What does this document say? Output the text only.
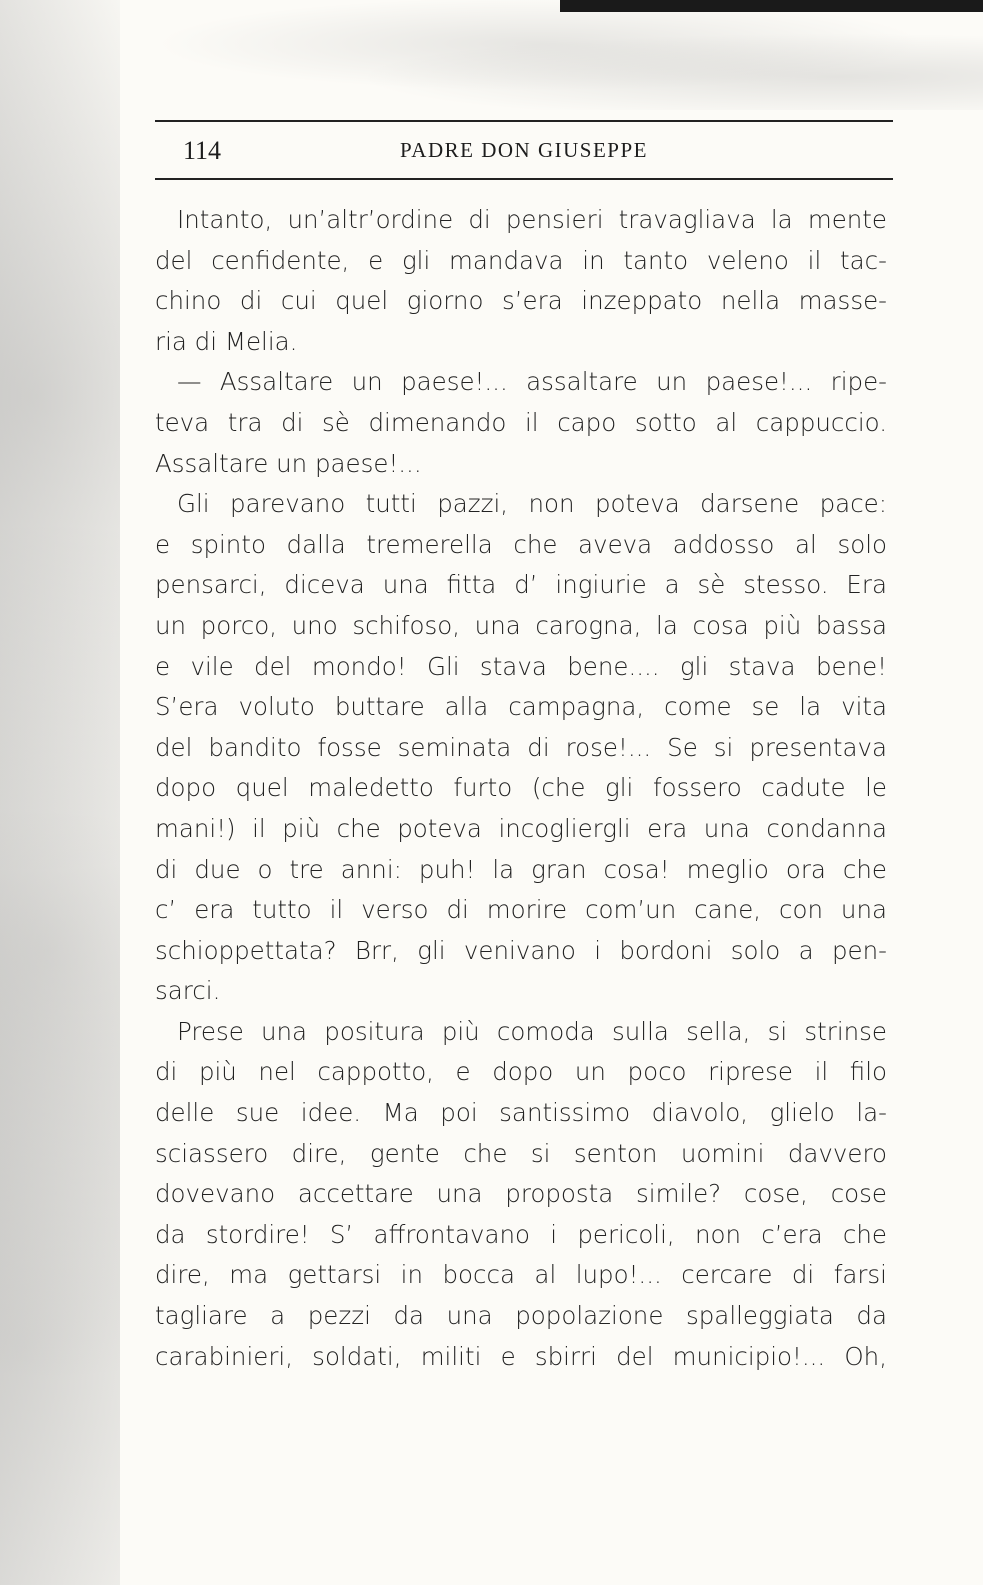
114	PADRE DON GIUSEPPE
Intanto, un’altr’ordine di pensieri travagliava la mente
del cenfidente, e gli mandava in tanto veleno il tac-
chino di cui quel giorno s’era inzeppato nella masse-
ria di Melia.
— Assaltare un paese!... assaltare un paese!... ripe-
teva tra di sè dimenando il capo sotto al cappuccio.
Assaltare un paese!...
Gli parevano tutti pazzi, non poteva darsene pace:
e spinto dalla tremerella che aveva addosso al solo
pensarci, diceva una fitta d’ ingiurie a sè stesso. Era
un porco, uno schifoso, una carogna, la cosa più bassa
e vile del mondo! Gli stava bene.... gli stava bene!
S’era voluto buttare alla campagna, come se la vita
del bandito fosse seminata di rose!... Se si presentava
dopo quel maledetto furto (che gli fossero cadute le
mani!) il più che poteva incogliergli era una condanna
di due o tre anni: puh! la gran cosa! meglio ora che
c’ era tutto il verso di morire com’un cane, con una
schioppettata? Brr, gli venivano i bordoni solo a pen-
sarci.
Prese una positura più comoda sulla sella, si strinse
di più nel cappotto, e dopo un poco riprese il filo
delle sue idee. Ma poi santissimo diavolo, glielo la-
sciassero dire, gente che si senton uomini davvero
dovevano accettare una proposta simile? cose, cose
da stordire! S’ affrontavano i pericoli, non c’era che
dire, ma gettarsi in bocca al lupo!... cercare di farsi
tagliare a pezzi da una popolazione spalleggiata da
carabinieri, soldati, militi e sbirri del municipio!... Oh,
